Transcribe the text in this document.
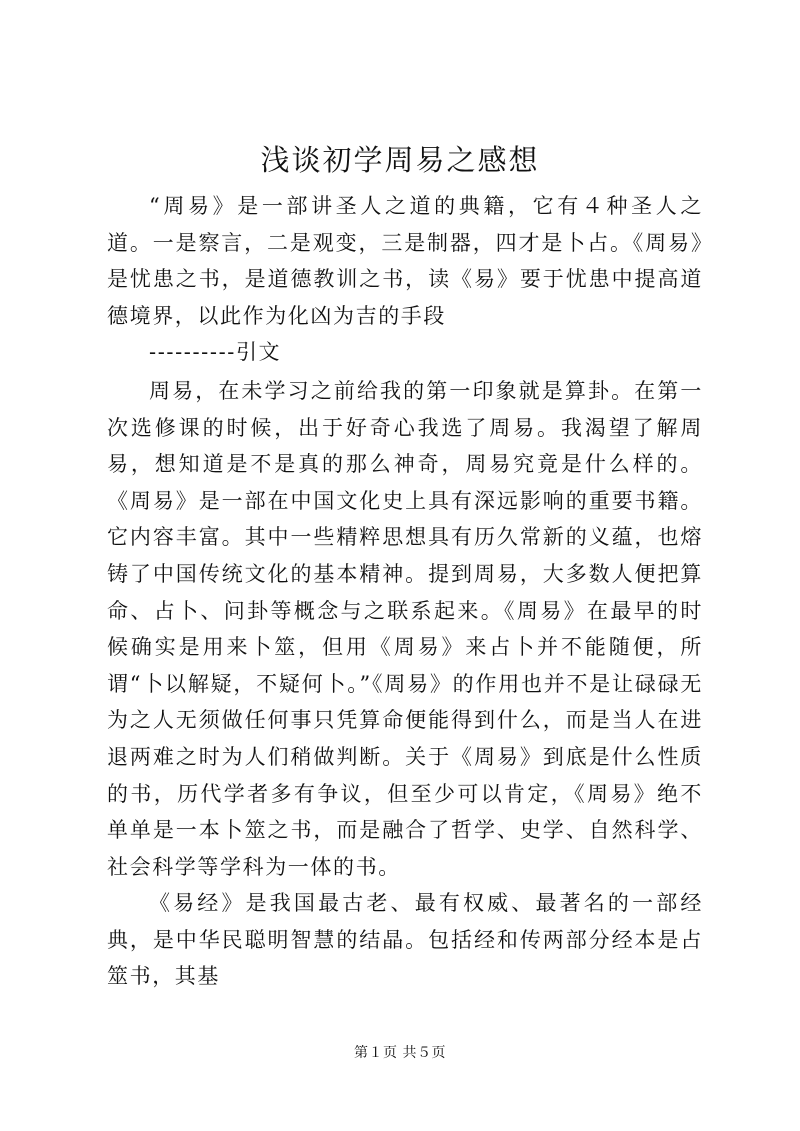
浅谈初学周易之感想

“周易》是一部讲圣人之道的典籍，它有４种圣人之道。一是察言，二是观变，三是制器，四才是卜占。《周易》是忧患之书，是道德教训之书，读《易》要于忧患中提高道德境界，以此作为化凶为吉的手段

----------引文

周易，在未学习之前给我的第一印象就是算卦。在第一次选修课的时候，出于好奇心我选了周易。我渴望了解周易，想知道是不是真的那么神奇，周易究竟是什么样的。《周易》是一部在中国文化史上具有深远影响的重要书籍。它内容丰富。其中一些精粹思想具有历久常新的义蕴，也熔铸了中国传统文化的基本精神。提到周易，大多数人便把算命、占卜、问卦等概念与之联系起来。《周易》在最早的时候确实是用来卜筮，但用《周易》来占卜并不能随便，所谓“卜以解疑，不疑何卜。”《周易》的作用也并不是让碌碌无为之人无须做任何事只凭算命便能得到什么，而是当人在进退两难之时为人们稍做判断。关于《周易》到底是什么性质的书，历代学者多有争议，但至少可以肯定，《周易》绝不单单是一本卜筮之书，而是融合了哲学、史学、自然科学、社会科学等学科为一体的书。

《易经》是我国最古老、最有权威、最著名的一部经典，是中华民聪明智慧的结晶。包括经和传两部分经本是占筮书，其基

第１页 共５页
